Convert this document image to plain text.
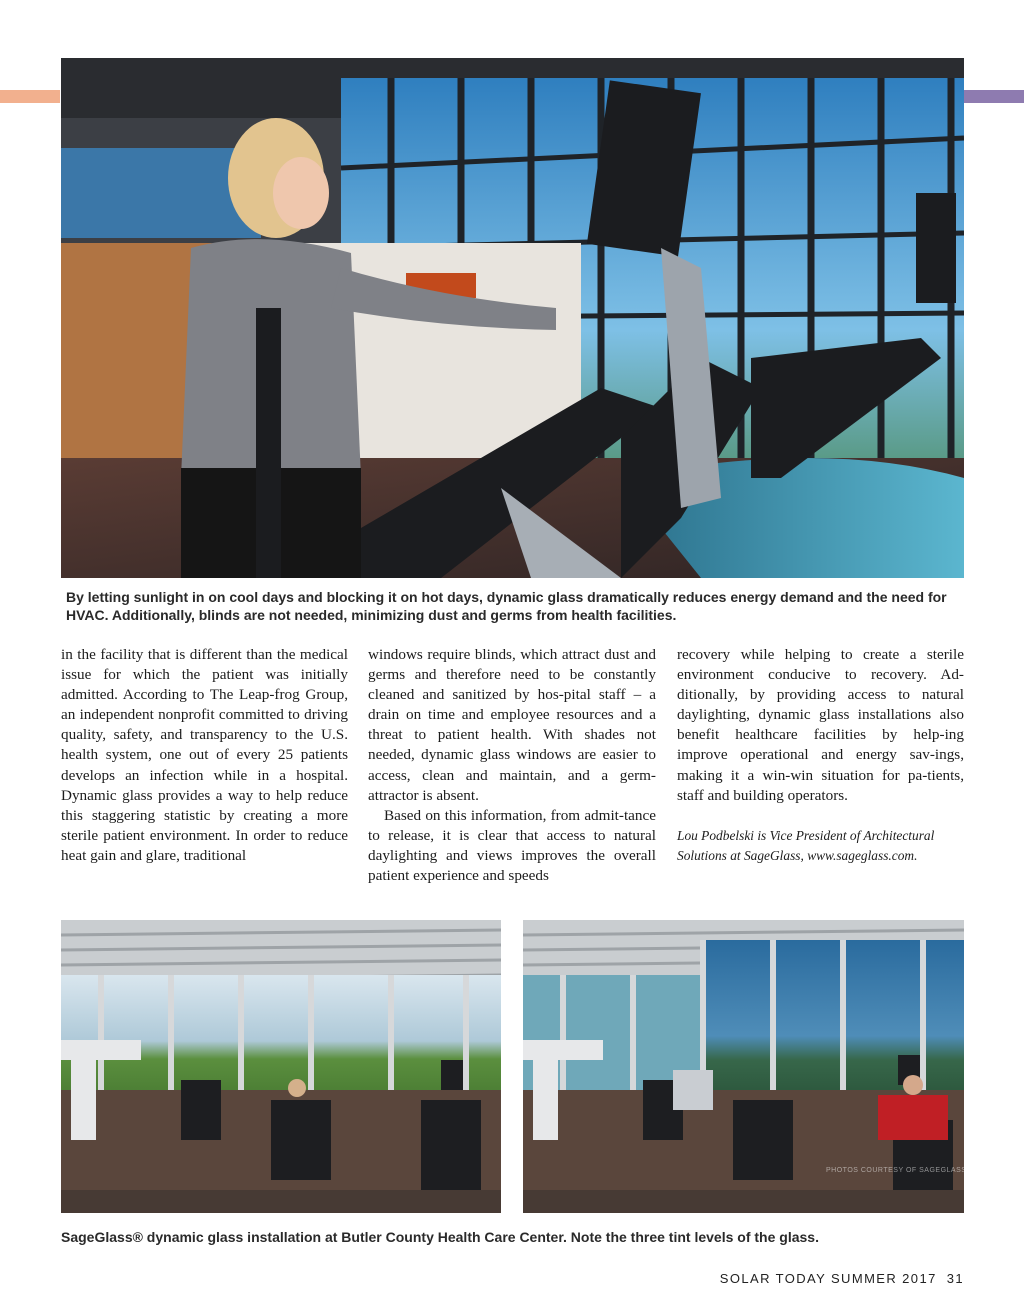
By letting sunlight in on cool days and blocking it on hot days, dynamic glass dramatically reduces energy demand and the need for HVAC. Additionally, blinds are not needed, minimizing dust and germs from health facilities.

in the facility that is different than the medical issue for which the patient was initially admitted. According to The Leap-frog Group, an independent nonprofit committed to driving quality, safety, and transparency to the U.S. health system, one out of every 25 patients develops an infection while in a hospital. Dynamic glass provides a way to help reduce this staggering statistic by creating a more sterile patient environment. In order to reduce heat gain and glare, traditional

windows require blinds, which attract dust and germs and therefore need to be constantly cleaned and sanitized by hos-pital staff – a drain on time and employee resources and a threat to patient health. With shades not needed, dynamic glass windows are easier to access, clean and maintain, and a germ-attractor is absent.

Based on this information, from admit-tance to release, it is clear that access to natural daylighting and views improves the overall patient experience and speeds

recovery while helping to create a sterile environment conducive to recovery. Ad-ditionally, by providing access to natural daylighting, dynamic glass installations also benefit healthcare facilities by help-ing improve operational and energy sav-ings, making it a win-win situation for pa-tients, staff and building operators.

Lou Podbelski is Vice President of Architectural Solutions at SageGlass, www.sageglass.com.

PHOTOS COURTESY OF SAGEGLASS
SageGlass® dynamic glass installation at Butler County Health Care Center. Note the three tint levels of the glass.
SOLAR TODAY SUMMER 2017 31
